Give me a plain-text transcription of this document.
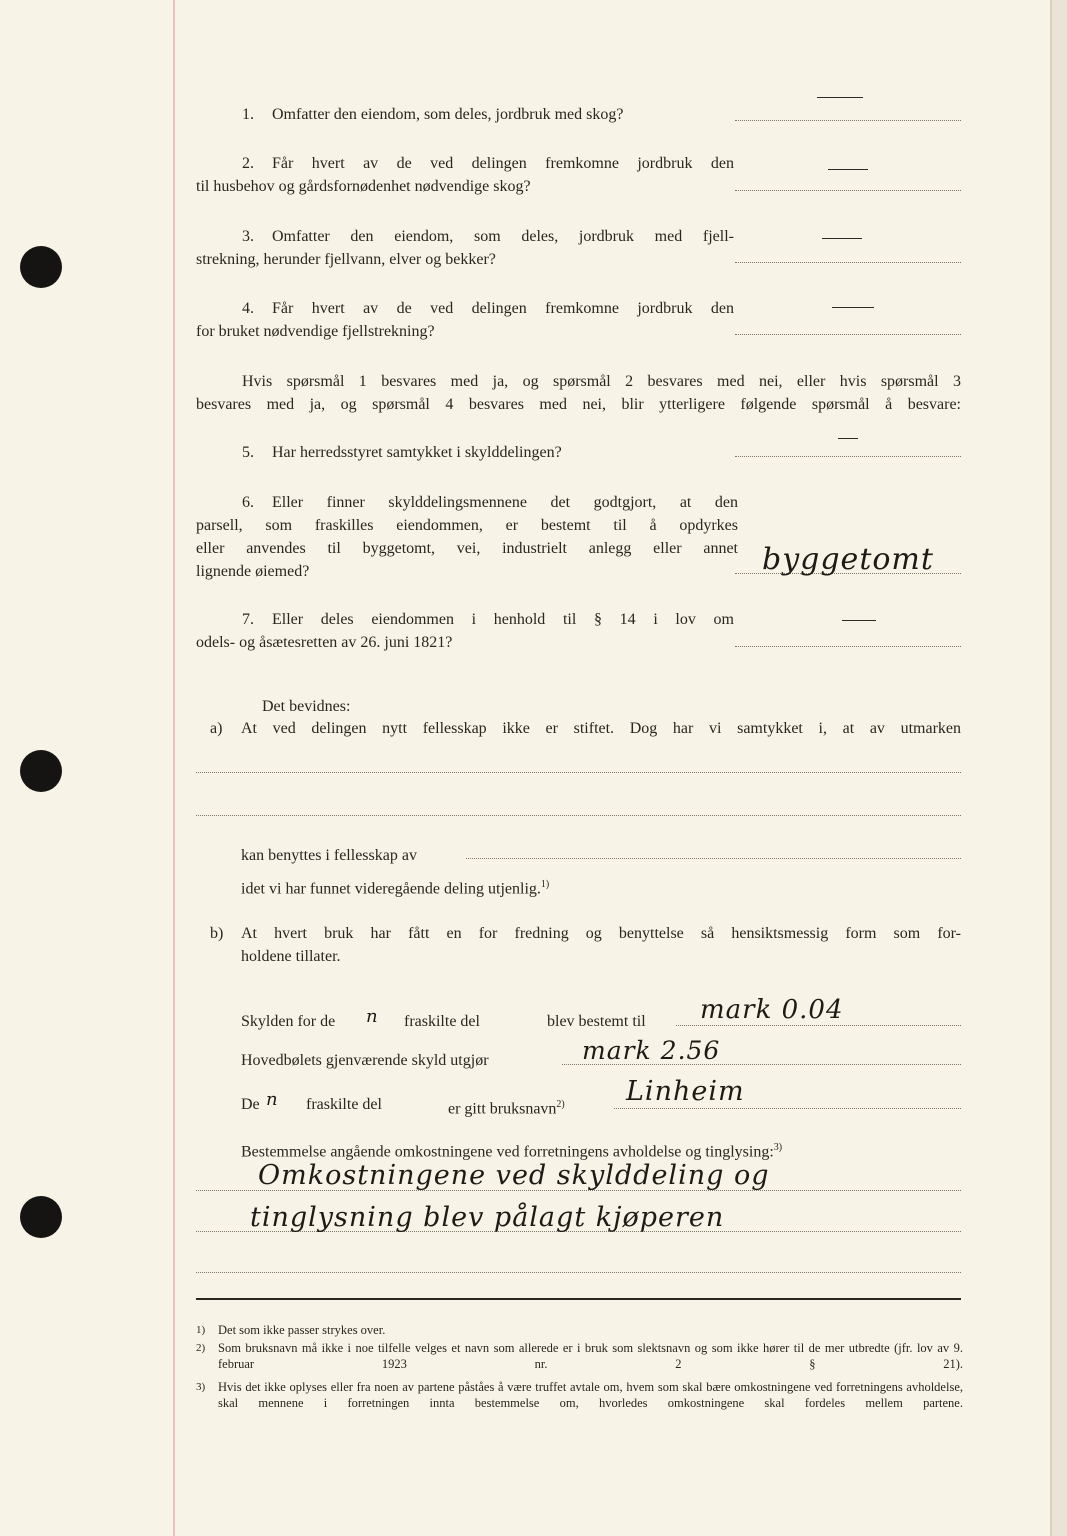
1. Omfatter den eiendom, som deles, jordbruk med skog?
2. Får hvert av de ved delingen fremkomne jordbruk den
til husbehov og gårdsfornødenhet nødvendige skog?
3. Omfatter den eiendom, som deles, jordbruk med fjell-
strekning, herunder fjellvann, elver og bekker?
4. Får hvert av de ved delingen fremkomne jordbruk den
for bruket nødvendige fjellstrekning?
Hvis spørsmål 1 besvares med ja, og spørsmål 2 besvares med nei, eller hvis spørsmål 3
besvares med ja, og spørsmål 4 besvares med nei, blir ytterligere følgende spørsmål å besvare:
5. Har herredsstyret samtykket i skylddelingen?
6. Eller finner skylddelingsmennene det godtgjort, at den
parsell, som fraskilles eiendommen, er bestemt til å opdyrkes
eller anvendes til byggetomt, vei, industrielt anlegg eller annet
lignende øiemed?	byggetomt
7. Eller deles eiendommen i henhold til § 14 i lov om
odels- og åsætesretten av 26. juni 1821?
Det bevidnes:
a) At ved delingen nytt fellesskap ikke er stiftet. Dog har vi samtykket i, at av utmarken
kan benyttes i fellesskap av
idet vi har funnet videregående deling utjenlig.$^{1)}$
b) At hvert bruk har fått en for fredning og benyttelse så hensiktsmessig form som for-
holdene tillater.
Skylden for de n fraskilte del	blev bestemt til mark 0.04
Hovedbølets gjenværende skyld utgjør	mark 2.56
De n fraskilte del	er gitt bruksnavn$^{2)}$ Linheim
Bestemmelse angående omkostningene ved forretningens avholdelse og tinglysing:$^{3)}$
Omkostningene ved skylddeling og
tinglysning blev pålagt kjøperen
1) Det som ikke passer strykes over.
2) Som bruksnavn må ikke i noe tilfelle velges et navn som allerede er i bruk som slektsnavn og som ikke hører til de mer utbredte (jfr. lov av 9. februar 1923 nr. 2 § 21).
3) Hvis det ikke oplyses eller fra noen av partene påståes å være truffet avtale om, hvem som skal bære omkostningene ved forretningens avholdelse, skal mennene i forretningen innta bestemmelse om, hvorledes omkostningene skal fordeles mellem partene.
